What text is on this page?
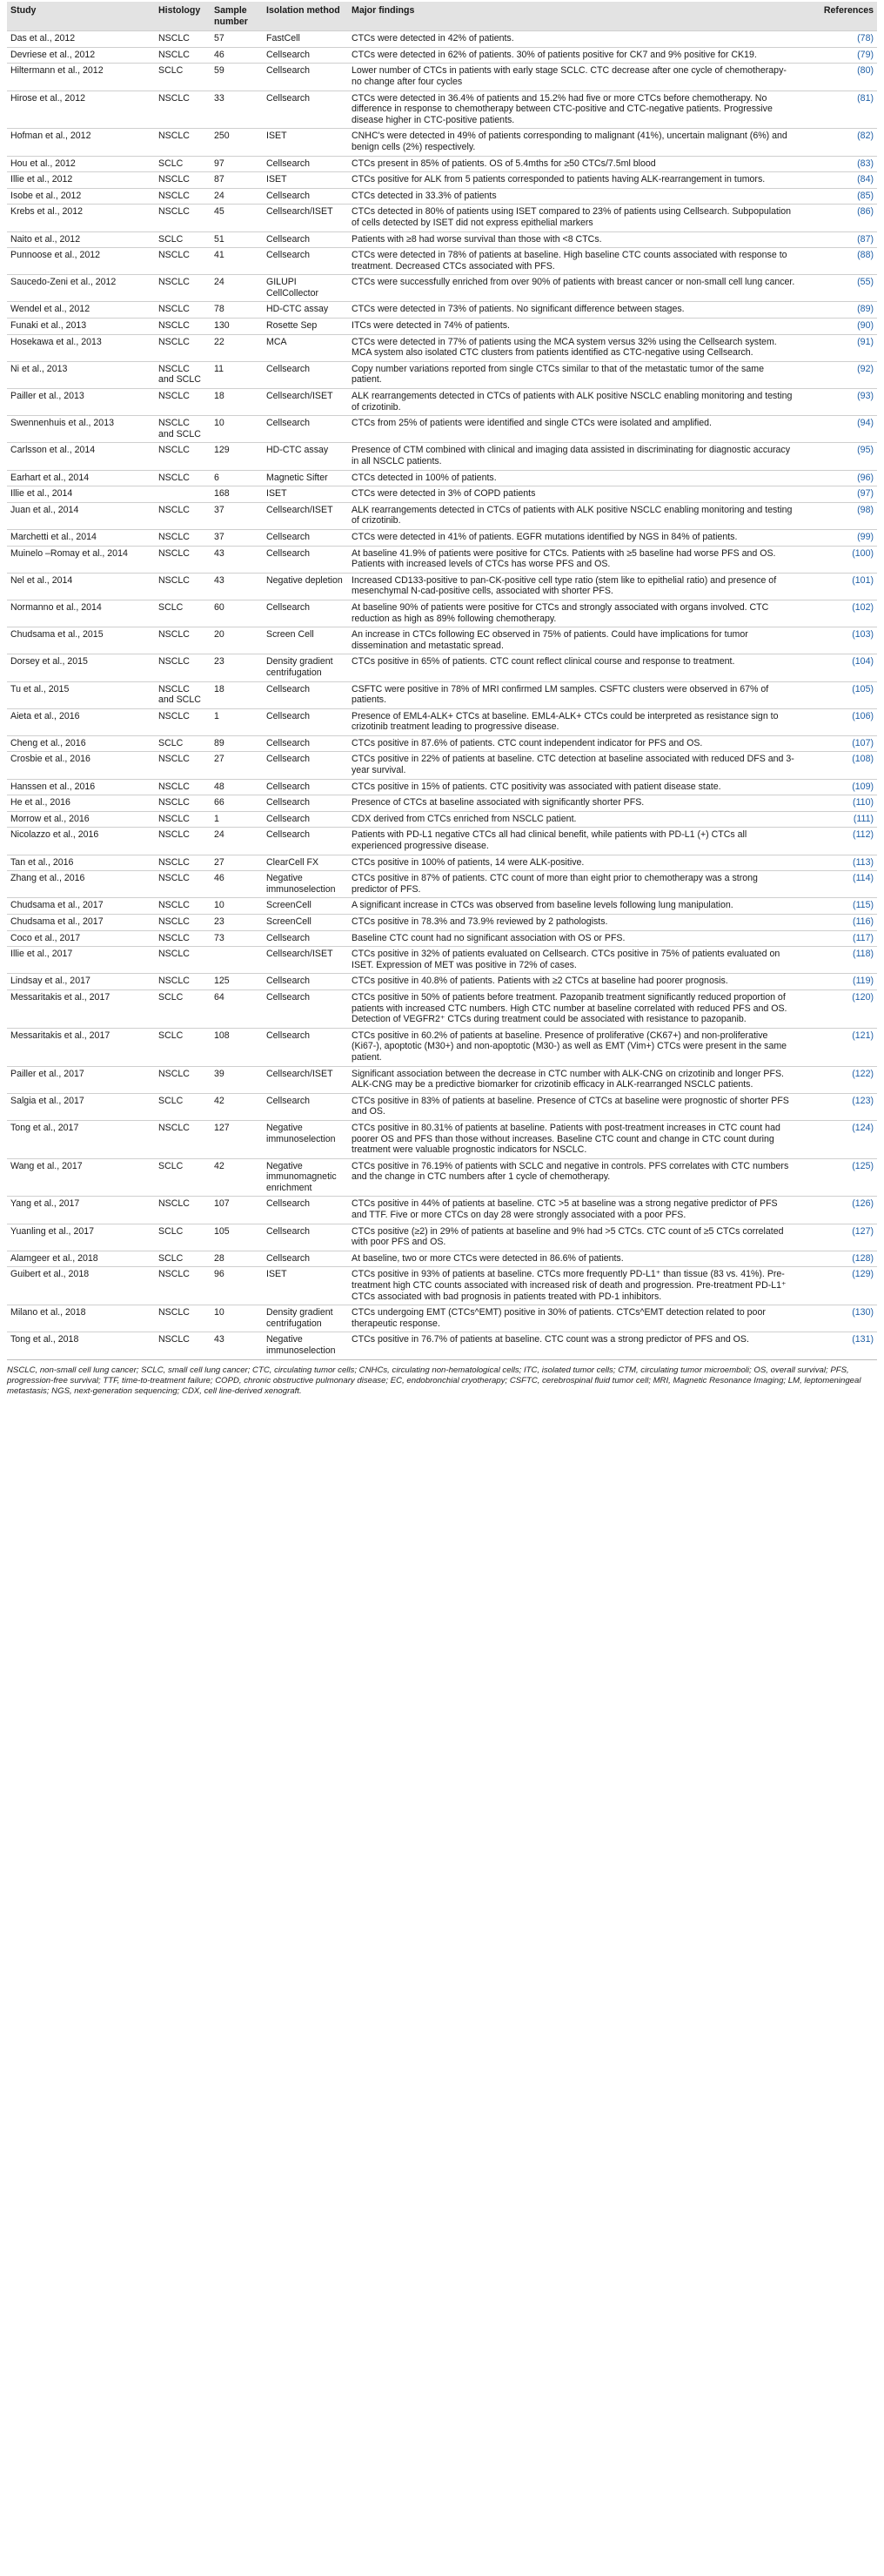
Study	Histology	Sample number	Isolation method	Major findings	References
Das et al., 2012	NSCLC	57	FastCell	CTCs were detected in 42% of patients.	(78)
Devriese et al., 2012	NSCLC	46	Cellsearch	CTCs were detected in 62% of patients. 30% of patients positive for CK7 and 9% positive for CK19.	(79)
Hiltermann et al., 2012	SCLC	59	Cellsearch	Lower number of CTCs in patients with early stage SCLC. CTC decrease after one cycle of chemotherapy- no change after four cycles	(80)
Hirose et al., 2012	NSCLC	33	Cellsearch	CTCs were detected in 36.4% of patients and 15.2% had five or more CTCs before chemotherapy. No difference in response to chemotherapy between CTC-positive and CTC-negative patients. Progressive disease higher in CTC-positive patients.	(81)
Hofman et al., 2012	NSCLC	250	ISET	CNHC's were detected in 49% of patients corresponding to malignant (41%), uncertain malignant (6%) and benign cells (2%) respectively.	(82)
Hou et al., 2012	SCLC	97	Cellsearch	CTCs present in 85% of patients. OS of 5.4mths for ≥50 CTCs/7.5ml blood	(83)
Illie et al., 2012	NSCLC	87	ISET	CTCs positive for ALK from 5 patients corresponded to patients having ALK-rearrangement in tumors.	(84)
Isobe et al., 2012	NSCLC	24	Cellsearch	CTCs detected in 33.3% of patients	(85)
Krebs et al., 2012	NSCLC	45	Cellsearch/ISET	CTCs detected in 80% of patients using ISET compared to 23% of patients using Cellsearch. Subpopulation of cells detected by ISET did not express epithelial markers	(86)
Naito et al., 2012	SCLC	51	Cellsearch	Patients with ≥8 had worse survival than those with <8 CTCs.	(87)
Punnoose et al., 2012	NSCLC	41	Cellsearch	CTCs were detected in 78% of patients at baseline. High baseline CTC counts associated with response to treatment. Decreased CTCs associated with PFS.	(88)
Saucedo-Zeni et al., 2012	NSCLC	24	GILUPI CellCollector	CTCs were successfully enriched from over 90% of patients with breast cancer or non-small cell lung cancer.	(55)
Wendel et al., 2012	NSCLC	78	HD-CTC assay	CTCs were detected in 73% of patients. No significant difference between stages.	(89)
Funaki et al., 2013	NSCLC	130	Rosette Sep	ITCs were detected in 74% of patients.	(90)
Hosekawa et al., 2013	NSCLC	22	MCA	CTCs were detected in 77% of patients using the MCA system versus 32% using the Cellsearch system. MCA system also isolated CTC clusters from patients identified as CTC-negative using Cellsearch.	(91)
Ni et al., 2013	NSCLC and SCLC	11	Cellsearch	Copy number variations reported from single CTCs similar to that of the metastatic tumor of the same patient.	(92)
Pailler et al., 2013	NSCLC	18	Cellsearch/ISET	ALK rearrangements detected in CTCs of patients with ALK positive NSCLC enabling monitoring and testing of crizotinib.	(93)
Swennenhuis et al., 2013	NSCLC and SCLC	10	Cellsearch	CTCs from 25% of patients were identified and single CTCs were isolated and amplified.	(94)
Carlsson et al., 2014	NSCLC	129	HD-CTC assay	Presence of CTM combined with clinical and imaging data assisted in discriminating for diagnostic accuracy in all NSCLC patients.	(95)
Earhart et al., 2014	NSCLC	6	Magnetic Sifter	CTCs detected in 100% of patients.	(96)
Illie et al., 2014		168	ISET	CTCs were detected in 3% of COPD patients	(97)
Juan et al., 2014	NSCLC	37	Cellsearch/ISET	ALK rearrangements detected in CTCs of patients with ALK positive NSCLC enabling monitoring and testing of crizotinib.	(98)
Marchetti et al., 2014	NSCLC	37	Cellsearch	CTCs were detected in 41% of patients. EGFR mutations identified by NGS in 84% of patients.	(99)
Muinelo –Romay et al., 2014	NSCLC	43	Cellsearch	At baseline 41.9% of patients were positive for CTCs. Patients with ≥5 baseline had worse PFS and OS. Patients with increased levels of CTCs has worse PFS and OS.	(100)
Nel et al., 2014	NSCLC	43	Negative depletion	Increased CD133-positive to pan-CK-positive cell type ratio (stem like to epithelial ratio) and presence of mesenchymal N-cad-positive cells, associated with shorter PFS.	(101)
Normanno et al., 2014	SCLC	60	Cellsearch	At baseline 90% of patients were positive for CTCs and strongly associated with organs involved. CTC reduction as high as 89% following chemotherapy.	(102)
Chudsama et al., 2015	NSCLC	20	Screen Cell	An increase in CTCs following EC observed in 75% of patients. Could have implications for tumor dissemination and metastatic spread.	(103)
Dorsey et al., 2015	NSCLC	23	Density gradient centrifugation	CTCs positive in 65% of patients. CTC count reflect clinical course and response to treatment.	(104)
Tu et al., 2015	NSCLC and SCLC	18	Cellsearch	CSFTC were positive in 78% of MRI confirmed LM samples. CSFTC clusters were observed in 67% of patients.	(105)
Aieta et al., 2016	NSCLC	1	Cellsearch	Presence of EML4-ALK+ CTCs at baseline. EML4-ALK+ CTCs could be interpreted as resistance sign to crizotinib treatment leading to progressive disease.	(106)
Cheng et al., 2016	SCLC	89	Cellsearch	CTCs positive in 87.6% of patients. CTC count independent indicator for PFS and OS.	(107)
Crosbie et al., 2016	NSCLC	27	Cellsearch	CTCs positive in 22% of patients at baseline. CTC detection at baseline associated with reduced DFS and 3-year survival.	(108)
Hanssen et al., 2016	NSCLC	48	Cellsearch	CTCs positive in 15% of patients. CTC positivity was associated with patient disease state.	(109)
He et al., 2016	NSCLC	66	Cellsearch	Presence of CTCs at baseline associated with significantly shorter PFS.	(110)
Morrow et al., 2016	NSCLC	1	Cellsearch	CDX derived from CTCs enriched from NSCLC patient.	(111)
Nicolazzo et al., 2016	NSCLC	24	Cellsearch	Patients with PD-L1 negative CTCs all had clinical benefit, while patients with PD-L1 (+) CTCs all experienced progressive disease.	(112)
Tan et al., 2016	NSCLC	27	ClearCell FX	CTCs positive in 100% of patients, 14 were ALK-positive.	(113)
Zhang et al., 2016	NSCLC	46	Negative immunoselection	CTCs positive in 87% of patients. CTC count of more than eight prior to chemotherapy was a strong predictor of PFS.	(114)
Chudsama et al., 2017	NSCLC	10	ScreenCell	A significant increase in CTCs was observed from baseline levels following lung manipulation.	(115)
Chudsama et al., 2017	NSCLC	23	ScreenCell	CTCs positive in 78.3% and 73.9% reviewed by 2 pathologists.	(116)
Coco et al., 2017	NSCLC	73	Cellsearch	Baseline CTC count had no significant association with OS or PFS.	(117)
Illie et al., 2017	NSCLC		Cellsearch/ISET	CTCs positive in 32% of patients evaluated on Cellsearch. CTCs positive in 75% of patients evaluated on ISET. Expression of MET was positive in 72% of cases.	(118)
Lindsay et al., 2017	NSCLC	125	Cellsearch	CTCs positive in 40.8% of patients. Patients with ≥2 CTCs at baseline had poorer prognosis.	(119)
Messaritakis et al., 2017	SCLC	64	Cellsearch	CTCs positive in 50% of patients before treatment. Pazopanib treatment significantly reduced proportion of patients with increased CTC numbers. High CTC number at baseline correlated with reduced PFS and OS. Detection of VEGFR2⁺ CTCs during treatment could be associated with resistance to pazopanib.	(120)
Messaritakis et al., 2017	SCLC	108	Cellsearch	CTCs positive in 60.2% of patients at baseline. Presence of proliferative (CK67+) and non-proliferative (Ki67-), apoptotic (M30+) and non-apoptotic (M30-) as well as EMT (Vim+) CTCs were present in the same patient.	(121)
Pailler et al., 2017	NSCLC	39	Cellsearch/ISET	Significant association between the decrease in CTC number with ALK-CNG on crizotinib and longer PFS. ALK-CNG may be a predictive biomarker for crizotinib efficacy in ALK-rearranged NSCLC patients.	(122)
Salgia et al., 2017	SCLC	42	Cellsearch	CTCs positive in 83% of patients at baseline. Presence of CTCs at baseline were prognostic of shorter PFS and OS.	(123)
Tong et al., 2017	NSCLC	127	Negative immunoselection	CTCs positive in 80.31% of patients at baseline. Patients with post-treatment increases in CTC count had poorer OS and PFS than those without increases. Baseline CTC count and change in CTC count during treatment were valuable prognostic indicators for NSCLC.	(124)
Wang et al., 2017	SCLC	42	Negative immunomagnetic enrichment	CTCs positive in 76.19% of patients with SCLC and negative in controls. PFS correlates with CTC numbers and the change in CTC numbers after 1 cycle of chemotherapy.	(125)
Yang et al., 2017	NSCLC	107	Cellsearch	CTCs positive in 44% of patients at baseline. CTC >5 at baseline was a strong negative predictor of PFS and TTF. Five or more CTCs on day 28 were strongly associated with a poor PFS.	(126)
Yuanling et al., 2017	SCLC	105	Cellsearch	CTCs positive (≥2) in 29% of patients at baseline and 9% had >5 CTCs. CTC count of ≥5 CTCs correlated with poor PFS and OS.	(127)
Alamgeer et al., 2018	SCLC	28	Cellsearch	At baseline, two or more CTCs were detected in 86.6% of patients.	(128)
Guibert et al., 2018	NSCLC	96	ISET	CTCs positive in 93% of patients at baseline. CTCs more frequently PD-L1⁺ than tissue (83 vs. 41%). Pre-treatment high CTC counts associated with increased risk of death and progression. Pre-treatment PD-L1⁺ CTCs associated with bad prognosis in patients treated with PD-1 inhibitors.	(129)
Milano et al., 2018	NSCLC	10	Density gradient centrifugation	CTCs undergoing EMT (CTCs^EMT) positive in 30% of patients. CTCs^EMT detection related to poor therapeutic response.	(130)
Tong et al., 2018	NSCLC	43	Negative immunoselection	CTCs positive in 76.7% of patients at baseline. CTC count was a strong predictor of PFS and OS.	(131)
NSCLC, non-small cell lung cancer; SCLC, small cell lung cancer; CTC, circulating tumor cells; CNHCs, circulating non-hematological cells; ITC, isolated tumor cells; CTM, circulating tumor microemboli; OS, overall survival; PFS, progression-free survival; TTF, time-to-treatment failure; COPD, chronic obstructive pulmonary disease; EC, endobronchial cryotherapy; CSFTC, cerebrospinal fluid tumor cell; MRI, Magnetic Resonance Imaging; LM, leptomeningeal metastasis; NGS, next-generation sequencing; CDX, cell line-derived xenograft.
